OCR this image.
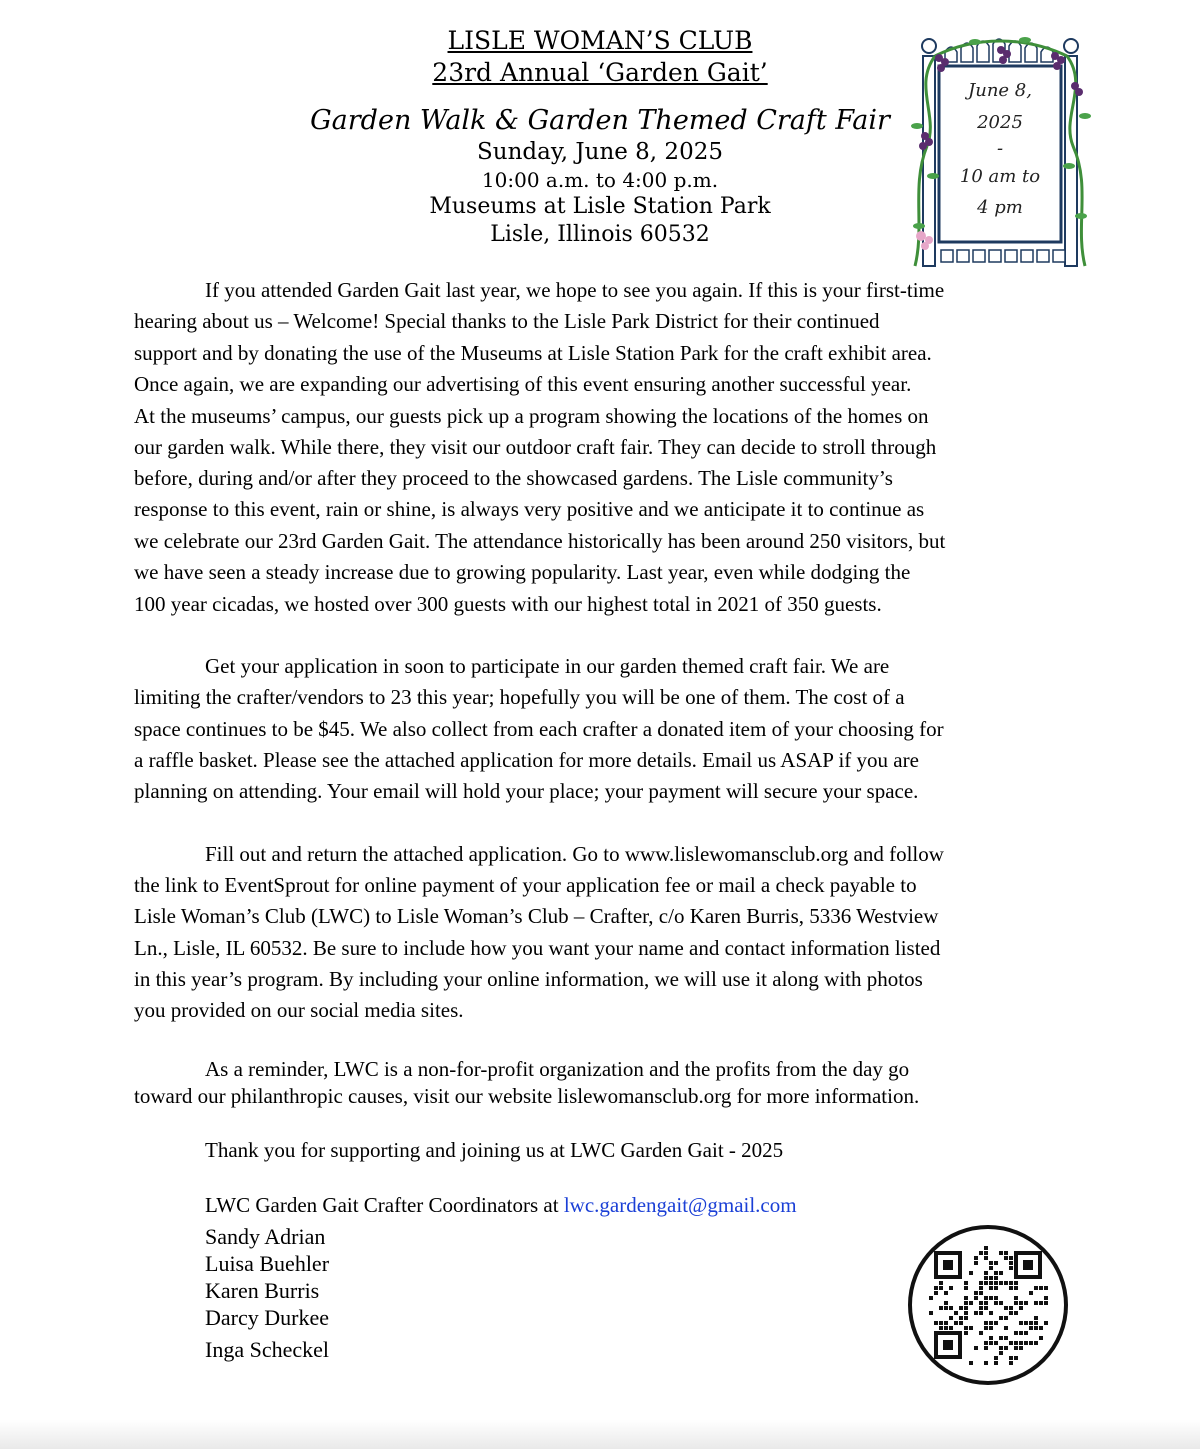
LISLE WOMAN’S CLUB
23rd Annual ‘Garden Gait’
Garden Walk & Garden Themed Craft Fair
Sunday, June 8, 2025
10:00 a.m. to 4:00 p.m.
Museums at Lisle Station Park
Lisle, Illinois 60532
June 8,
2025
-
10 am to
4 pm
If you attended Garden Gait last year, we hope to see you again. If this is your first-time
hearing about us – Welcome! Special thanks to the Lisle Park District for their continued
support and by donating the use of the Museums at Lisle Station Park for the craft exhibit area.
Once again, we are expanding our advertising of this event ensuring another successful year.
At the museums’ campus, our guests pick up a program showing the locations of the homes on
our garden walk. While there, they visit our outdoor craft fair. They can decide to stroll through
before, during and/or after they proceed to the showcased gardens. The Lisle community’s
response to this event, rain or shine, is always very positive and we anticipate it to continue as
we celebrate our 23rd Garden Gait. The attendance historically has been around 250 visitors, but
we have seen a steady increase due to growing popularity. Last year, even while dodging the
100 year cicadas, we hosted over 300 guests with our highest total in 2021 of 350 guests.
Get your application in soon to participate in our garden themed craft fair. We are
limiting the crafter/vendors to 23 this year; hopefully you will be one of them. The cost of a
space continues to be $45. We also collect from each crafter a donated item of your choosing for
a raffle basket. Please see the attached application for more details. Email us ASAP if you are
planning on attending. Your email will hold your place; your payment will secure your space.
Fill out and return the attached application. Go to www.lislewomansclub.org and follow
the link to EventSprout for online payment of your application fee or mail a check payable to
Lisle Woman’s Club (LWC) to Lisle Woman’s Club – Crafter, c/o Karen Burris, 5336 Westview
Ln., Lisle, IL 60532. Be sure to include how you want your name and contact information listed
in this year’s program. By including your online information, we will use it along with photos
you provided on our social media sites.
As a reminder, LWC is a non-for-profit organization and the profits from the day go
toward our philanthropic causes, visit our website lislewomansclub.org for more information.
Thank you for supporting and joining us at LWC Garden Gait - 2025
LWC Garden Gait Crafter Coordinators at lwc.gardengait@gmail.com
Sandy Adrian
Luisa Buehler
Karen Burris
Darcy Durkee
Inga Scheckel
